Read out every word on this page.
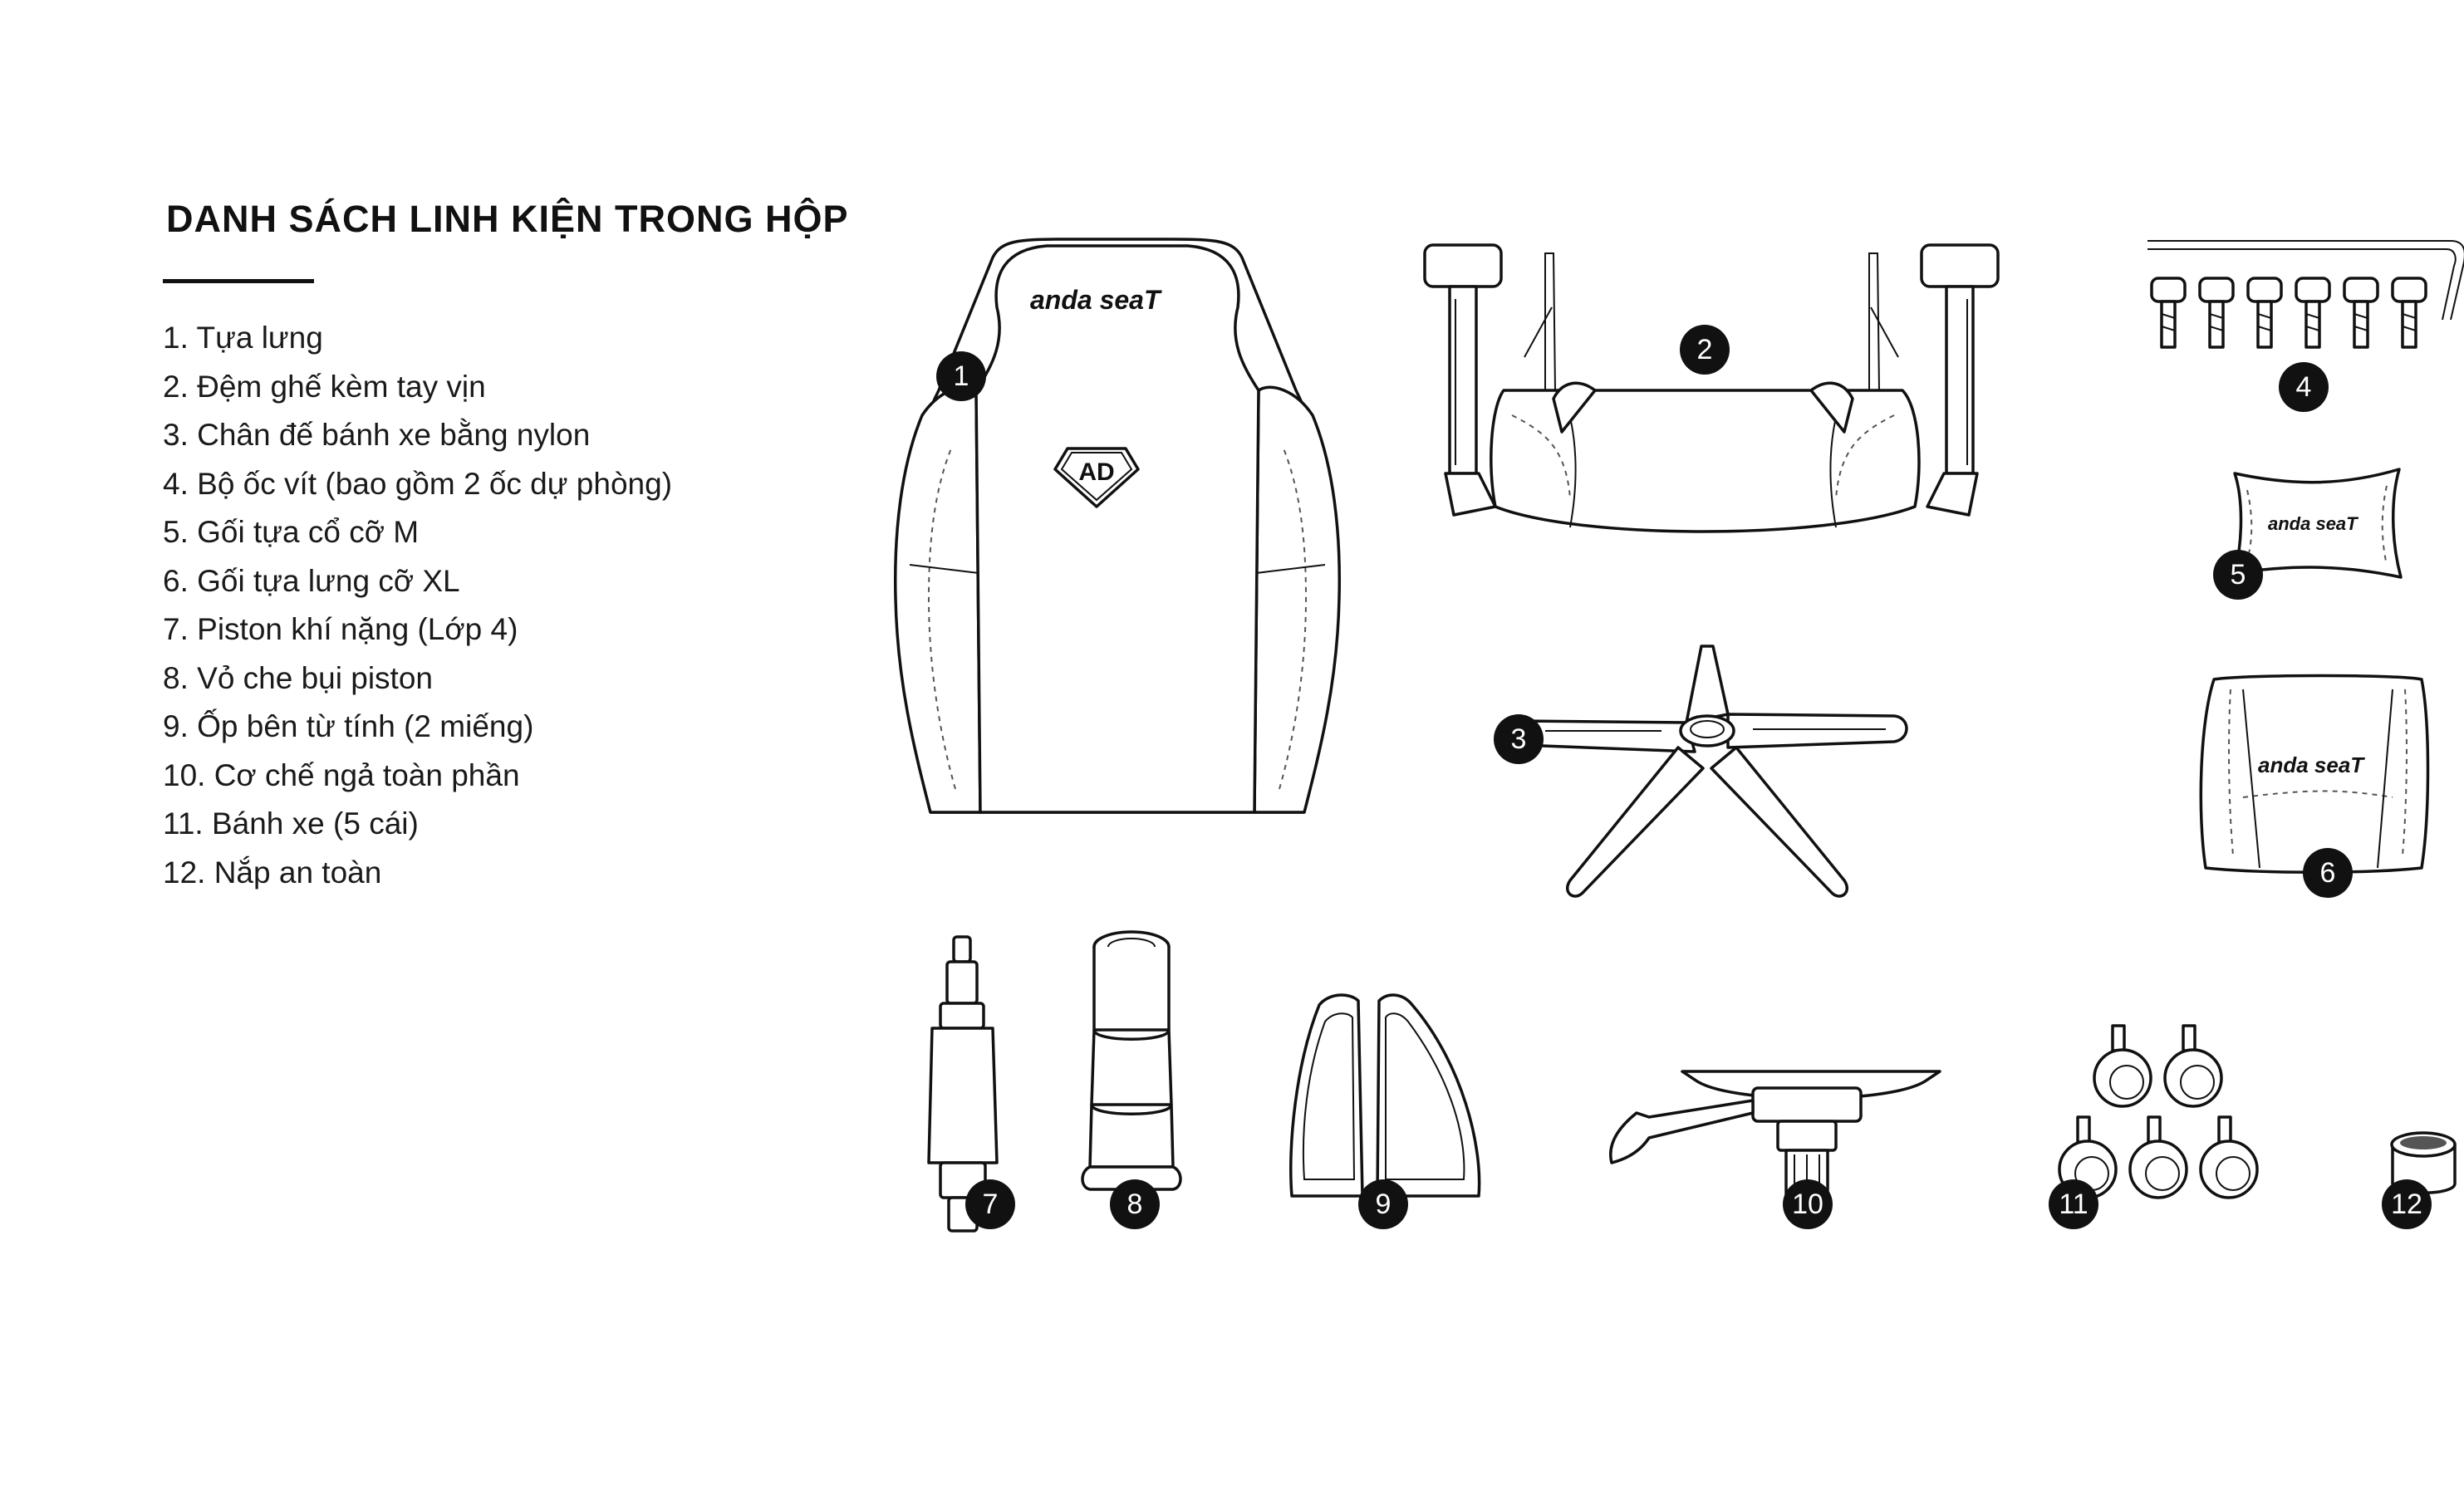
DANH SÁCH LINH KIỆN TRONG HỘP
1. Tựa lưng
2. Đệm ghế kèm tay vịn
3. Chân đế bánh xe bằng nylon
4. Bộ ốc vít (bao gồm 2 ốc dự phòng)
5. Gối tựa cổ cỡ M
6. Gối tựa lưng cỡ XL
7. Piston khí nặng (Lớp 4)
8. Vỏ che bụi piston
9. Ốp bên từ tính (2 miếng)
10. Cơ chế ngả toàn phần
11. Bánh xe (5 cái)
12. Nắp an toàn
anda seaT
AD
anda seaT
anda seaT
1
2
3
4
5
6
7	8	9	10	11	12
